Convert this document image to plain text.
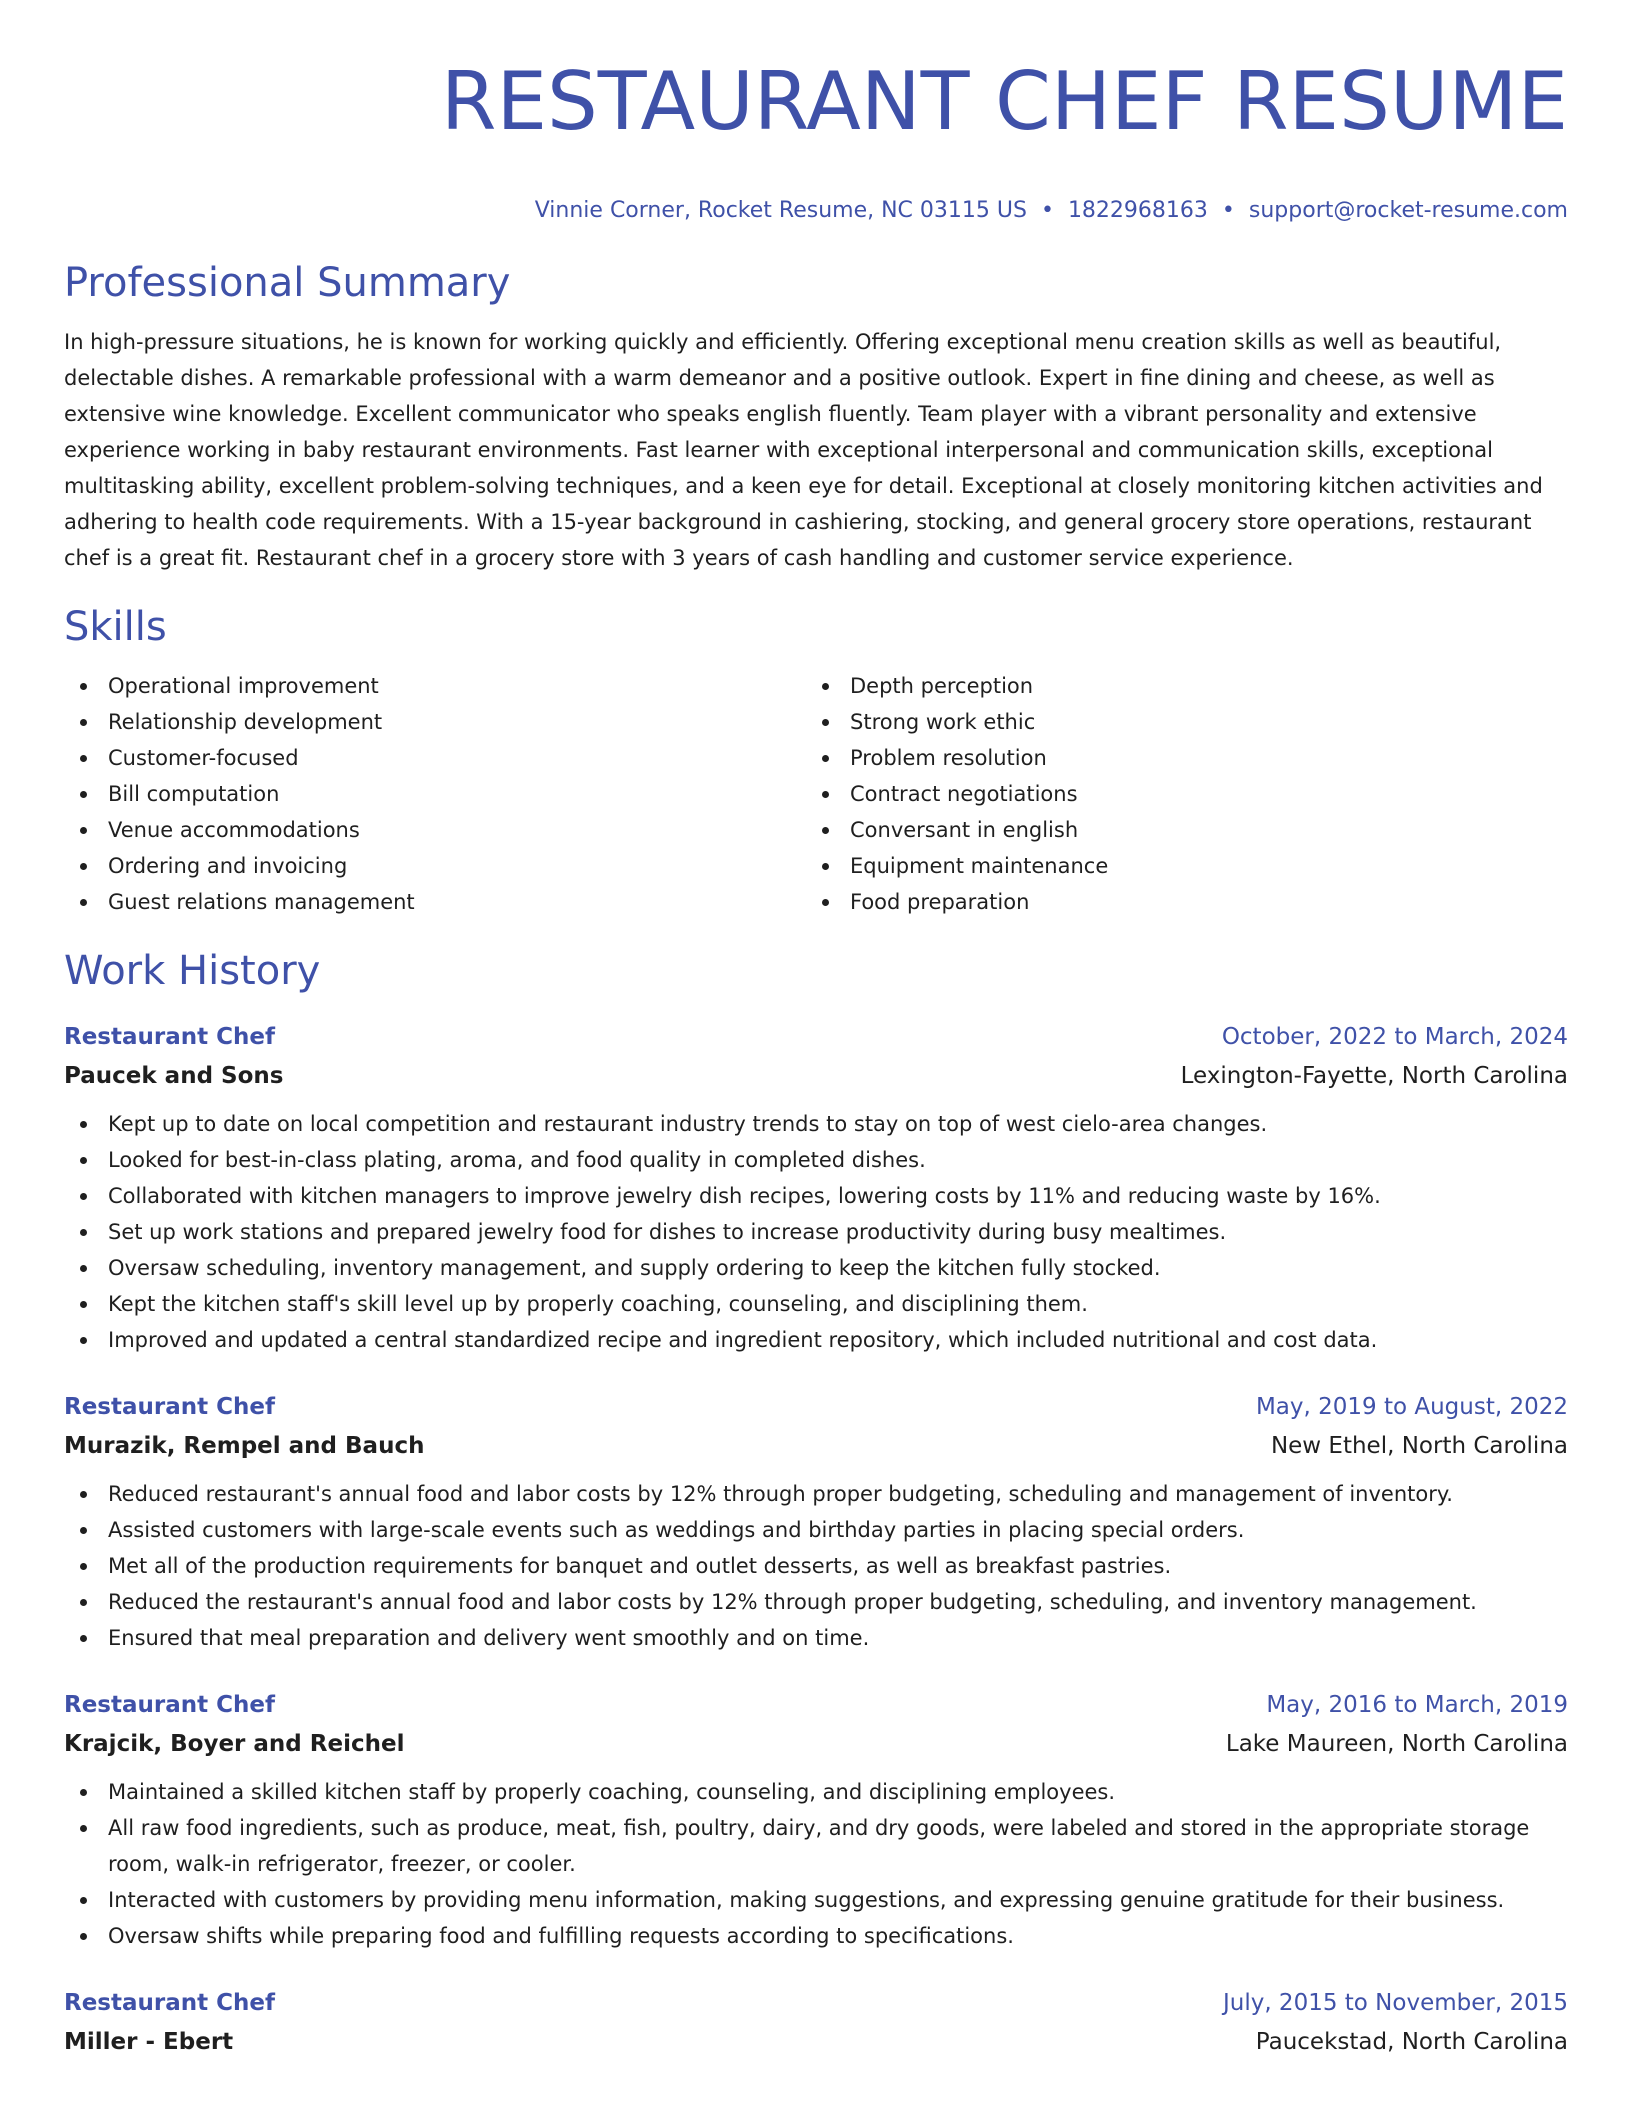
RESTAURANT CHEF RESUME
Vinnie Corner, Rocket Resume, NC 03115 US • 1822968163 • support@rocket-resume.com
Professional Summary

In high-pressure situations, he is known for working quickly and efficiently. Offering exceptional menu creation skills as well as beautiful, delectable dishes. A remarkable professional with a warm demeanor and a positive outlook. Expert in fine dining and cheese, as well as extensive wine knowledge. Excellent communicator who speaks english fluently. Team player with a vibrant personality and extensive experience working in baby restaurant environments. Fast learner with exceptional interpersonal and communication skills, exceptional multitasking ability, excellent problem-solving techniques, and a keen eye for detail. Exceptional at closely monitoring kitchen activities and adhering to health code requirements. With a 15-year background in cashiering, stocking, and general grocery store operations, restaurant chef is a great fit. Restaurant chef in a grocery store with 3 years of cash handling and customer service experience.

Skills
Operational improvement
Relationship development
Customer-focused
Bill computation
Venue accommodations
Ordering and invoicing
Guest relations management
Depth perception
Strong work ethic
Problem resolution
Contract negotiations
Conversant in english
Equipment maintenance
Food preparation
Work History
Restaurant Chef	October, 2022 to March, 2024
Paucek and Sons	Lexington-Fayette, North Carolina
Kept up to date on local competition and restaurant industry trends to stay on top of west cielo-area changes.
Looked for best-in-class plating, aroma, and food quality in completed dishes.
Collaborated with kitchen managers to improve jewelry dish recipes, lowering costs by 11% and reducing waste by 16%.
Set up work stations and prepared jewelry food for dishes to increase productivity during busy mealtimes.
Oversaw scheduling, inventory management, and supply ordering to keep the kitchen fully stocked.
Kept the kitchen staff's skill level up by properly coaching, counseling, and disciplining them.
Improved and updated a central standardized recipe and ingredient repository, which included nutritional and cost data.
Restaurant Chef	May, 2019 to August, 2022
Murazik, Rempel and Bauch	New Ethel, North Carolina
Reduced restaurant's annual food and labor costs by 12% through proper budgeting, scheduling and management of inventory.
Assisted customers with large-scale events such as weddings and birthday parties in placing special orders.
Met all of the production requirements for banquet and outlet desserts, as well as breakfast pastries.
Reduced the restaurant's annual food and labor costs by 12% through proper budgeting, scheduling, and inventory management.
Ensured that meal preparation and delivery went smoothly and on time.
Restaurant Chef	May, 2016 to March, 2019
Krajcik, Boyer and Reichel	Lake Maureen, North Carolina
Maintained a skilled kitchen staff by properly coaching, counseling, and disciplining employees.
All raw food ingredients, such as produce, meat, fish, poultry, dairy, and dry goods, were labeled and stored in the appropriate storage room, walk-in refrigerator, freezer, or cooler.
Interacted with customers by providing menu information, making suggestions, and expressing genuine gratitude for their business.
Oversaw shifts while preparing food and fulfilling requests according to specifications.
Restaurant Chef	July, 2015 to November, 2015
Miller - Ebert	Paucekstad, North Carolina
